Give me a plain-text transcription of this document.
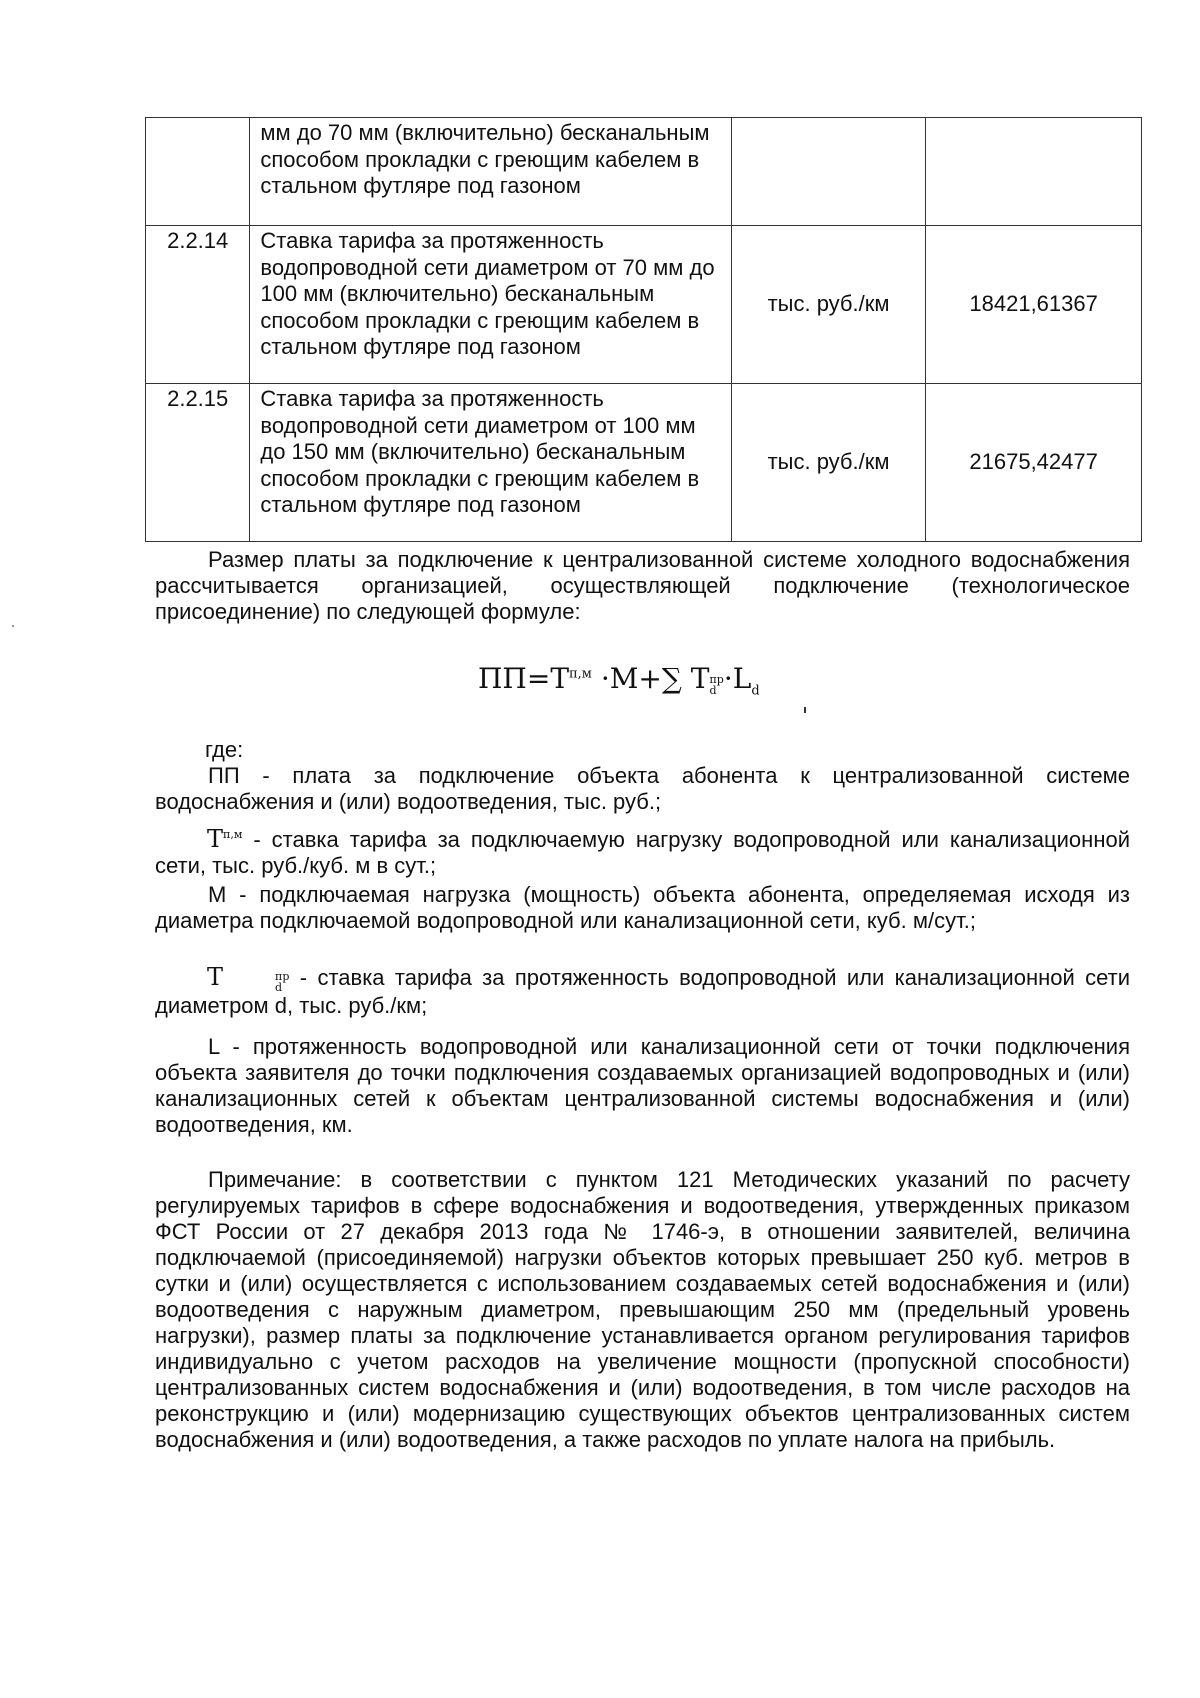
	мм до 70 мм (включительно) бесканальным способом прокладки с греющим кабелем в стальном футляре под газоном		
2.2.14	Ставка тарифа за протяженность водопроводной сети диаметром от 70 мм до 100 мм (включительно) бесканальным способом прокладки с греющим кабелем в стальном футляре под газоном	тыс. руб./км	18421,61367
2.2.15	Ставка тарифа за протяженность водопроводной сети диаметром от 100 мм до 150 мм (включительно) бесканальным способом прокладки с греющим кабелем в стальном футляре под газоном	тыс. руб./км	21675,42477

Размер платы за подключение к централизованной системе холодного водоснабжения рассчитывается организацией, осуществляющей подключение (технологическое присоединение) по следующей формуле:

$ПП=T^{п,м} \cdot M+\sum$ T пр
$d \cdot L_d$

где:

ПП - плата за подключение объекта абонента к централизованной системе водоснабжения и (или) водоотведения, тыс. руб.;

$T^{п,м}$ - ставка тарифа за подключаемую нагрузку водопроводной или канализационной сети, тыс. руб./куб. м в сут.;

М - подключаемая нагрузка (мощность) объекта абонента, определяемая исходя из диаметра подключаемой водопроводной или канализационной сети, куб. м/сут.;

T	пр
d - ставка тарифа за протяженность водопроводной или канализационной сети диаметром d, тыс. руб./км;

L - протяженность водопроводной или канализационной сети от точки подключения объекта заявителя до точки подключения создаваемых организацией водопроводных и (или) канализационных сетей к объектам централизованной системы водоснабжения и (или) водоотведения, км.

Примечание: в соответствии с пунктом 121 Методических указаний по расчету регулируемых тарифов в сфере водоснабжения и водоотведения, утвержденных приказом ФСТ России от 27 декабря 2013 года № 1746-э, в отношении заявителей, величина подключаемой (присоединяемой) нагрузки объектов которых превышает 250 куб. метров в сутки и (или) осуществляется с использованием создаваемых сетей водоснабжения и (или) водоотведения с наружным диаметром, превышающим 250 мм (предельный уровень нагрузки), размер платы за подключение устанавливается органом регулирования тарифов индивидуально с учетом расходов на увеличение мощности (пропускной способности) централизованных систем водоснабжения и (или) водоотведения, в том числе расходов на реконструкцию и (или) модернизацию существующих объектов централизованных систем водоснабжения и (или) водоотведения, а также расходов по уплате налога на прибыль.
